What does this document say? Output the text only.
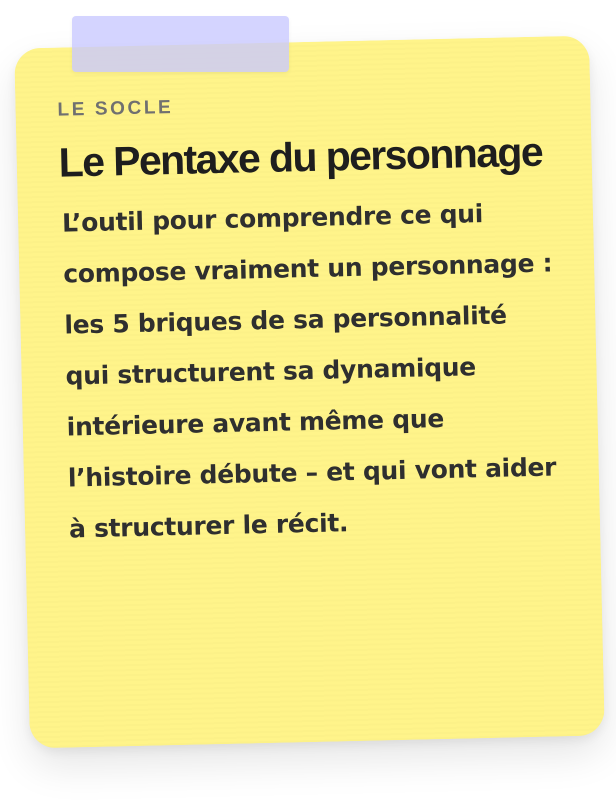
LE SOCLE

Le Pentaxe du personnage

L’outil pour comprendre ce qui compose vraiment un personnage : les 5 briques de sa personnalité qui structurent sa dynamique intérieure avant même que l’histoire débute – et qui vont aider à structurer le récit.
